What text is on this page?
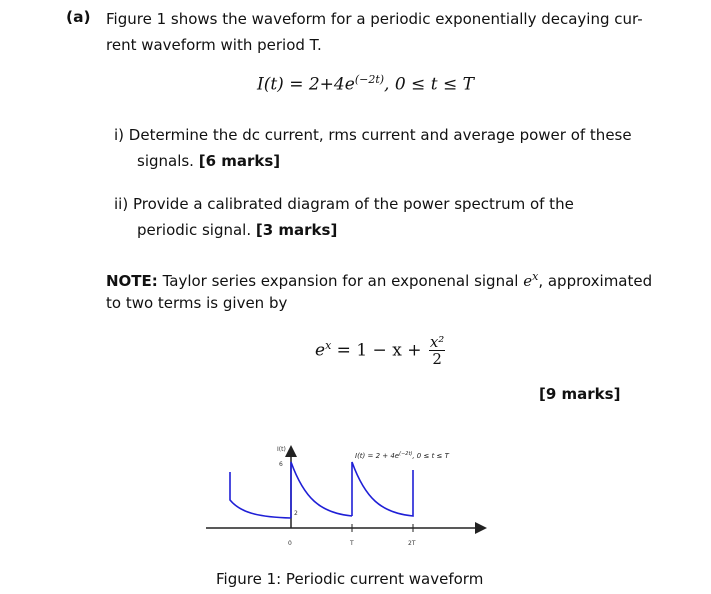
(a) Figure 1 shows the waveform for a periodic exponentially decaying cur-
rent waveform with period T.
$I(t) = 2+4e^{(-2t)}$, 0 ≤ t ≤ T
i) Determine the dc current, rms current and average power of these
signals. [6 marks]
ii) Provide a calibrated diagram of the power spectrum of the
periodic signal. [3 marks]
NOTE: Taylor series expansion for an exponenal signal $e^x$, approximated
to two terms is given by
$e^x = 1 - x + \frac{\text{x²}}{2}$
[9 marks]
I(t)
6
2
0	T	2T
$I(t) = 2 + 4e^{(-2t)}$, 0 ≤ t ≤ T
Figure 1: Periodic current waveform
